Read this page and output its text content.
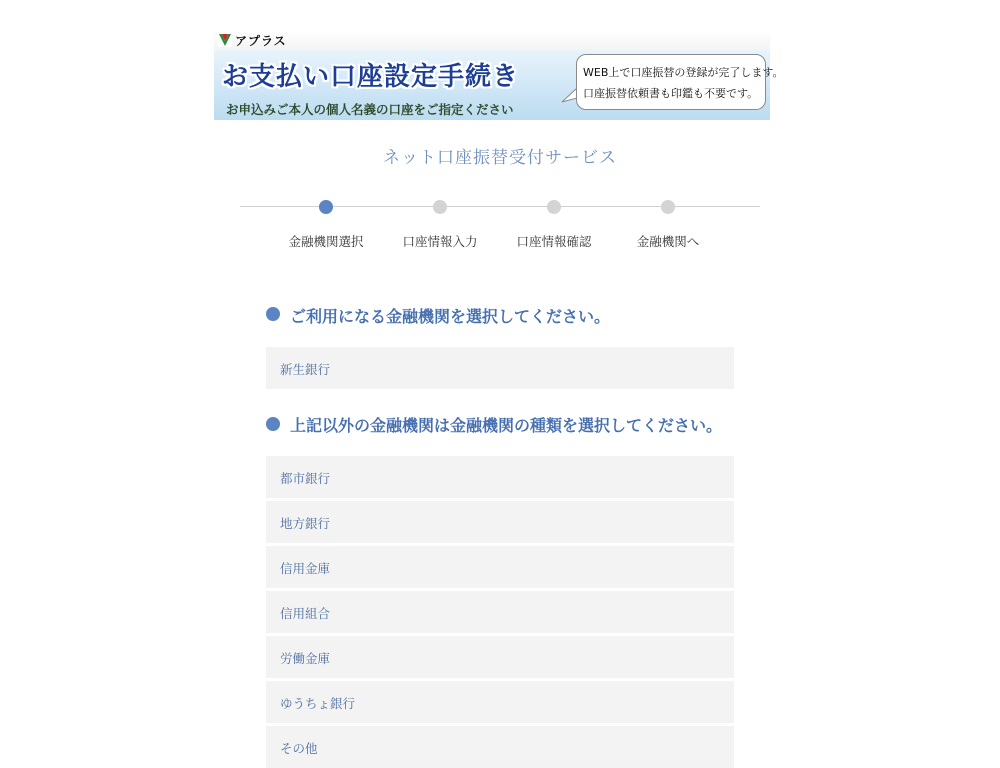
アプラス
お支払い口座設定手続き
お申込みご本人の個人名義の口座をご指定ください
WEB上で口座振替の登録が完了します。
口座振替依頼書も印鑑も不要です。
ネット口座振替受付サービス
金融機関選択	口座情報入力	口座情報確認	金融機関へ
ご利用になる金融機関を選択してください。
新生銀行
上記以外の金融機関は金融機関の種類を選択してください。
都市銀行
地方銀行
信用金庫
信用組合
労働金庫
ゆうちょ銀行
その他
